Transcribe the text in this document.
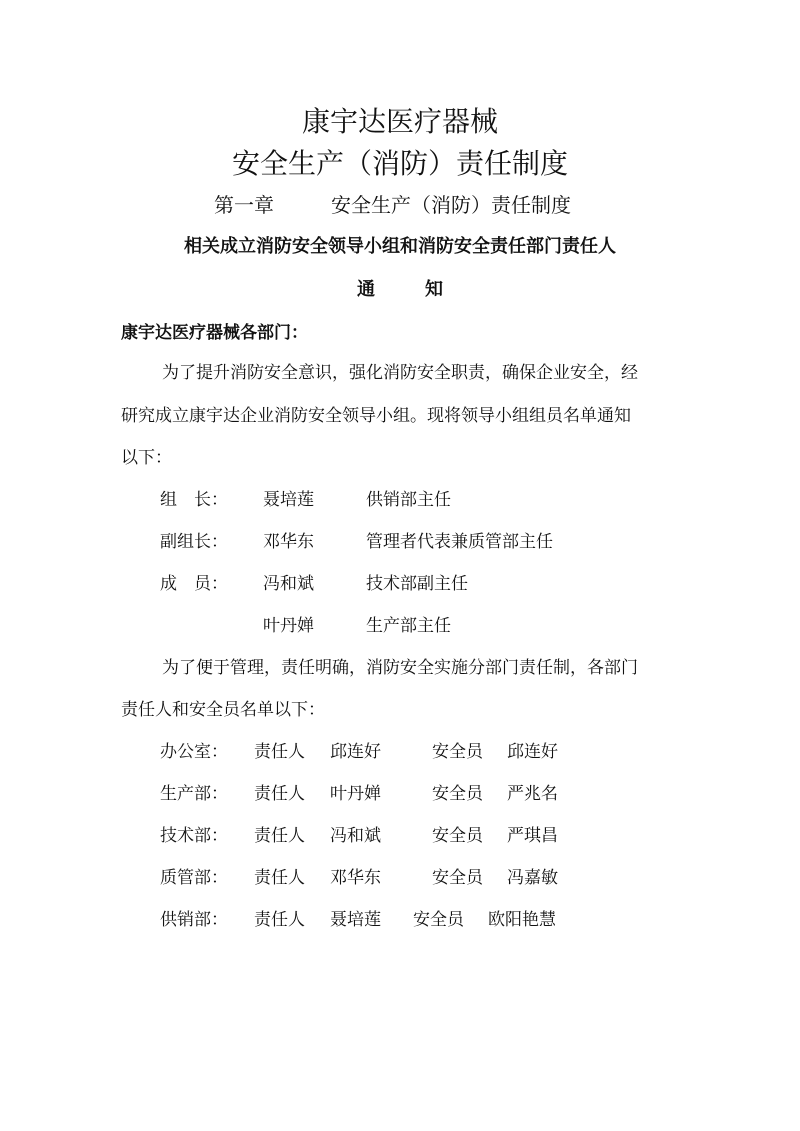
康宇达医疗器械
安全生产（消防）责任制度
第一章	安全生产（消防）责任制度
相关成立消防安全领导小组和消防安全责任部门责任人
通	知
康宇达医疗器械各部门：
为了提升消防安全意识，强化消防安全职责，确保企业安全，经
研究成立康宇达企业消防安全领导小组。现将领导小组组员名单通知
以下：
组　长： 聂培莲	供销部主任
副组长： 邓华东	管理者代表兼质管部主任
成　员： 冯和斌	技术部副主任
叶丹婵	生产部主任
为了便于管理，责任明确，消防安全实施分部门责任制，各部门
责任人和安全员名单以下：
办公室： 责任人 邱连好	安全员 邱连好
生产部： 责任人 叶丹婵	安全员 严兆名
技术部： 责任人 冯和斌	安全员 严琪昌
质管部： 责任人 邓华东	安全员 冯嘉敏
供销部： 责任人 聂培莲 安全员 欧阳艳慧
